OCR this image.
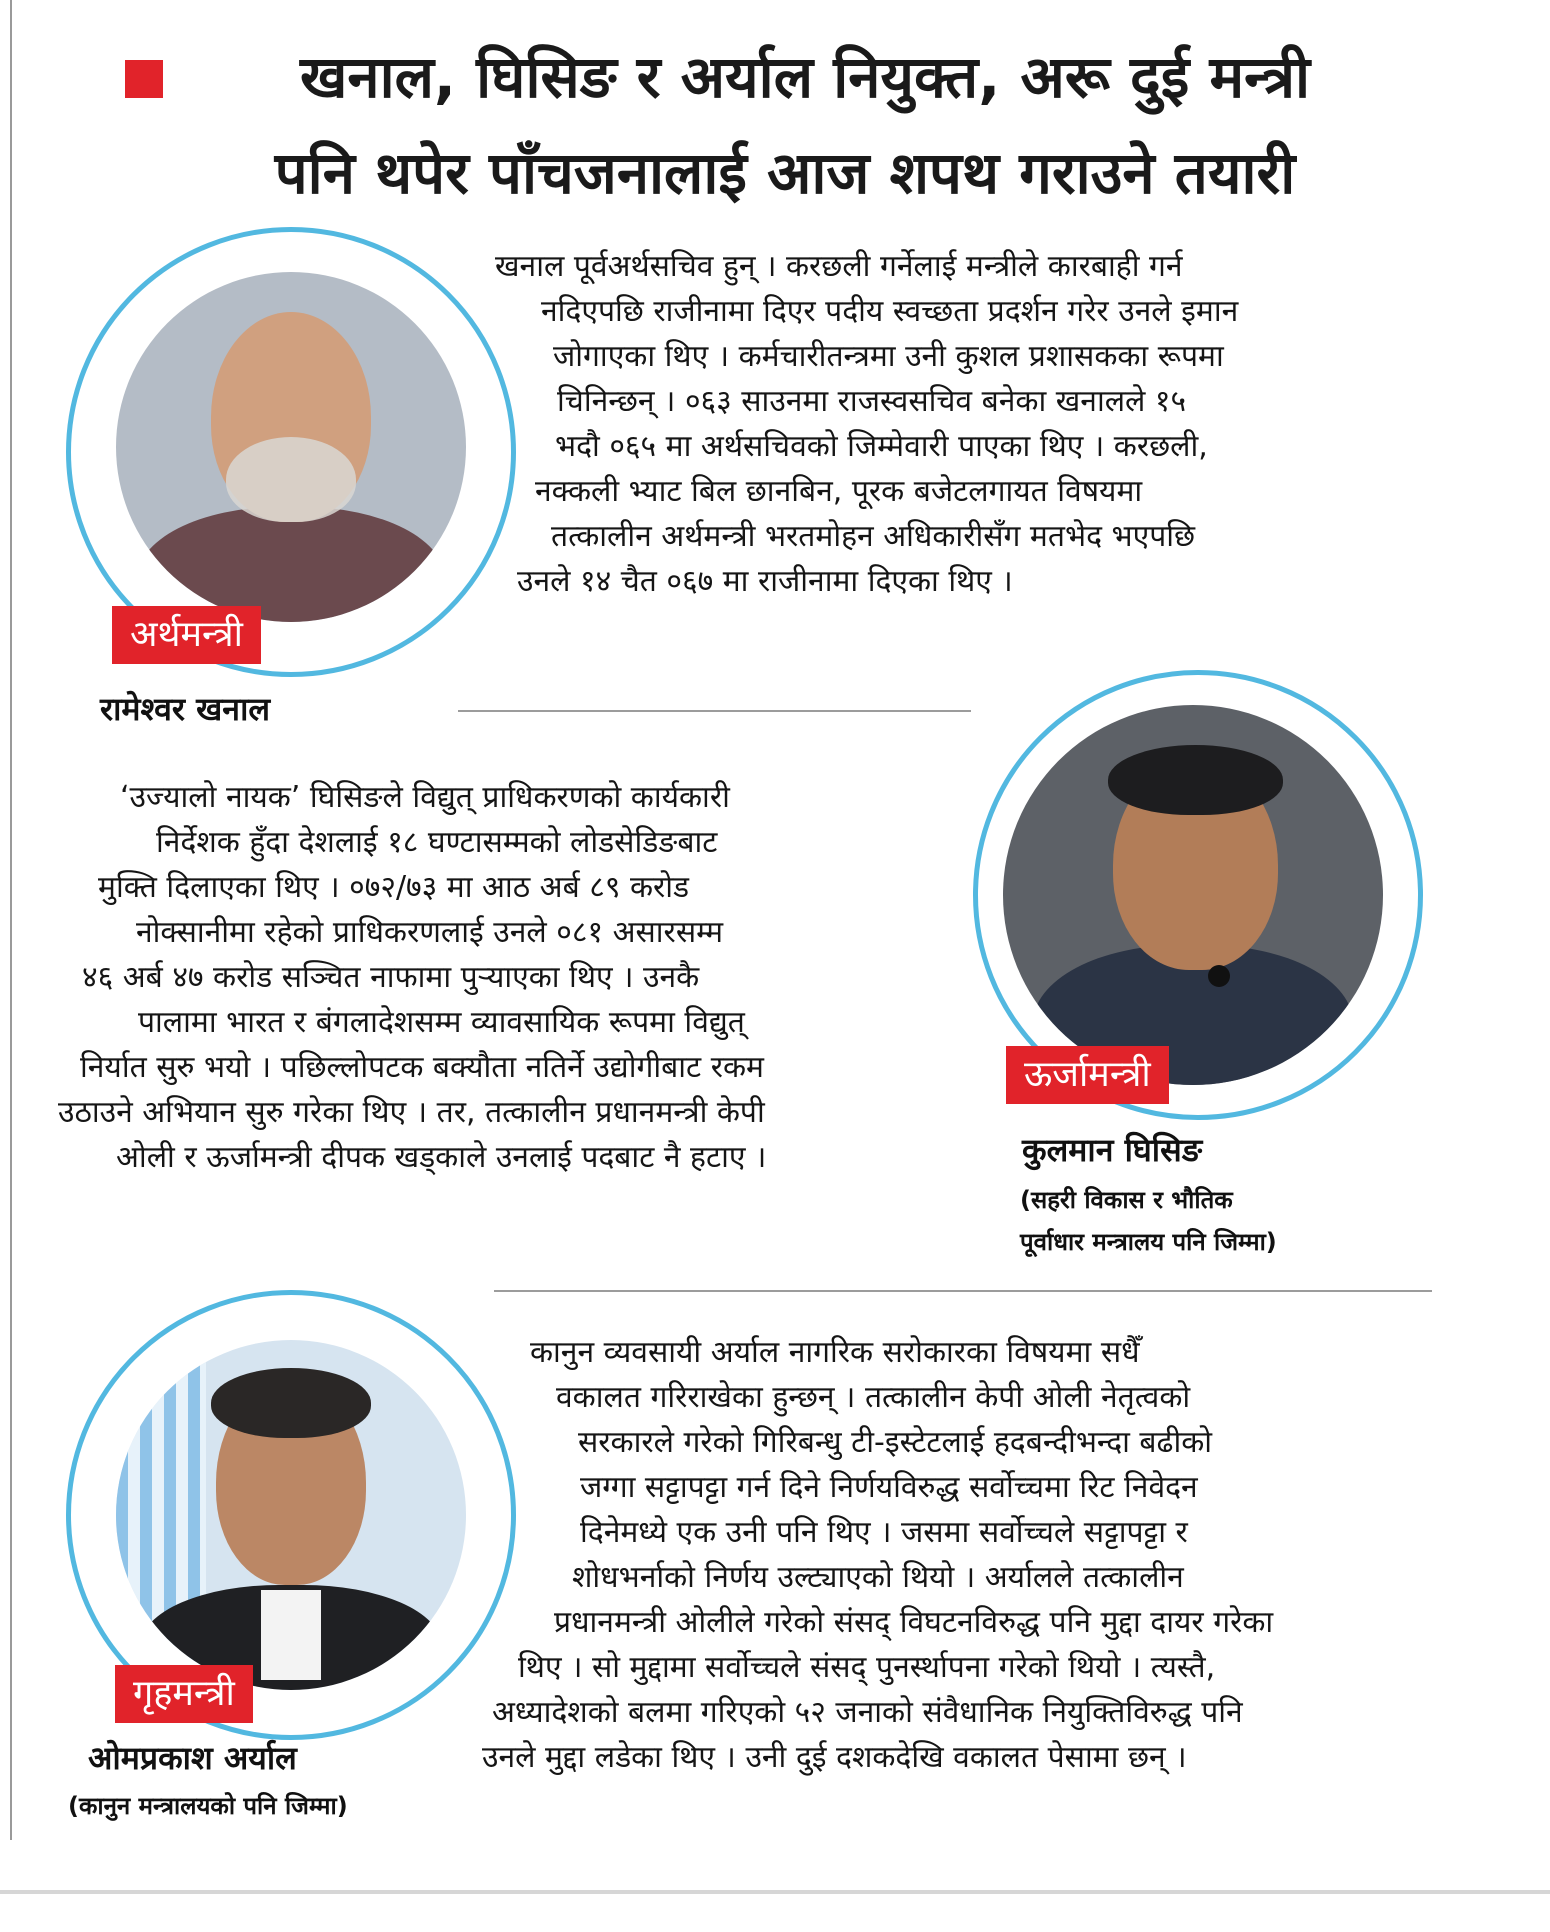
खनाल, घिसिङ र अर्याल नियुक्त, अरू दुई मन्त्री
पनि थपेर पाँचजनालाई आज शपथ गराउने तयारी
अर्थमन्त्री
रामेश्वर खनाल
खनाल पूर्वअर्थसचिव हुन् । करछली गर्नेलाई मन्त्रीले कारबाही गर्न
नदिएपछि राजीनामा दिएर पदीय स्वच्छता प्रदर्शन गरेर उनले इमान
जोगाएका थिए । कर्मचारीतन्त्रमा उनी कुशल प्रशासकका रूपमा
चिनिन्छन् । ०६३ साउनमा राजस्वसचिव बनेका खनालले १५
भदौ ०६५ मा अर्थसचिवको जिम्मेवारी पाएका थिए । करछली,
नक्कली भ्याट बिल छानबिन, पूरक बजेटलगायत विषयमा
तत्कालीन अर्थमन्त्री भरतमोहन अधिकारीसँग मतभेद भएपछि
उनले १४ चैत ०६७ मा राजीनामा दिएका थिए ।
ऊर्जामन्त्री
कुलमान घिसिङ
(सहरी विकास र भौतिक
पूर्वाधार मन्त्रालय पनि जिम्मा)
‘उज्यालो नायक’ घिसिङले विद्युत् प्राधिकरणको कार्यकारी
निर्देशक हुँदा देशलाई १८ घण्टासम्मको लोडसेडिङबाट
मुक्ति दिलाएका थिए । ०७२/७३ मा आठ अर्ब ८९ करोड
नोक्सानीमा रहेको प्राधिकरणलाई उनले ०८१ असारसम्म
४६ अर्ब ४७ करोड सञ्चित नाफामा पुर्‍याएका थिए । उनकै
पालामा भारत र बंगलादेशसम्म व्यावसायिक रूपमा विद्युत्
निर्यात सुरु भयो । पछिल्लोपटक बक्यौता नतिर्ने उद्योगीबाट रकम
उठाउने अभियान सुरु गरेका थिए । तर, तत्कालीन प्रधानमन्त्री केपी
ओली र ऊर्जामन्त्री दीपक खड्काले उनलाई पदबाट नै हटाए ।
गृहमन्त्री
ओमप्रकाश अर्याल
(कानुन मन्त्रालयको पनि जिम्मा)
कानुन व्यवसायी अर्याल नागरिक सरोकारका विषयमा सधैँ
वकालत गरिराखेका हुन्छन् । तत्कालीन केपी ओली नेतृत्वको
सरकारले गरेको गिरिबन्धु टी-इस्टेटलाई हदबन्दीभन्दा बढीको
जग्गा सट्टापट्टा गर्न दिने निर्णयविरुद्ध सर्वोच्चमा रिट निवेदन
दिनेमध्ये एक उनी पनि थिए । जसमा सर्वोच्चले सट्टापट्टा र
शोधभर्नाको निर्णय उल्ट्याएको थियो । अर्यालले तत्कालीन
प्रधानमन्त्री ओलीले गरेको संसद् विघटनविरुद्ध पनि मुद्दा दायर गरेका
थिए । सो मुद्दामा सर्वोच्चले संसद् पुनर्स्थापना गरेको थियो । त्यस्तै,
अध्यादेशको बलमा गरिएको ५२ जनाको संवैधानिक नियुक्तिविरुद्ध पनि
उनले मुद्दा लडेका थिए । उनी दुई दशकदेखि वकालत पेसामा छन् ।
